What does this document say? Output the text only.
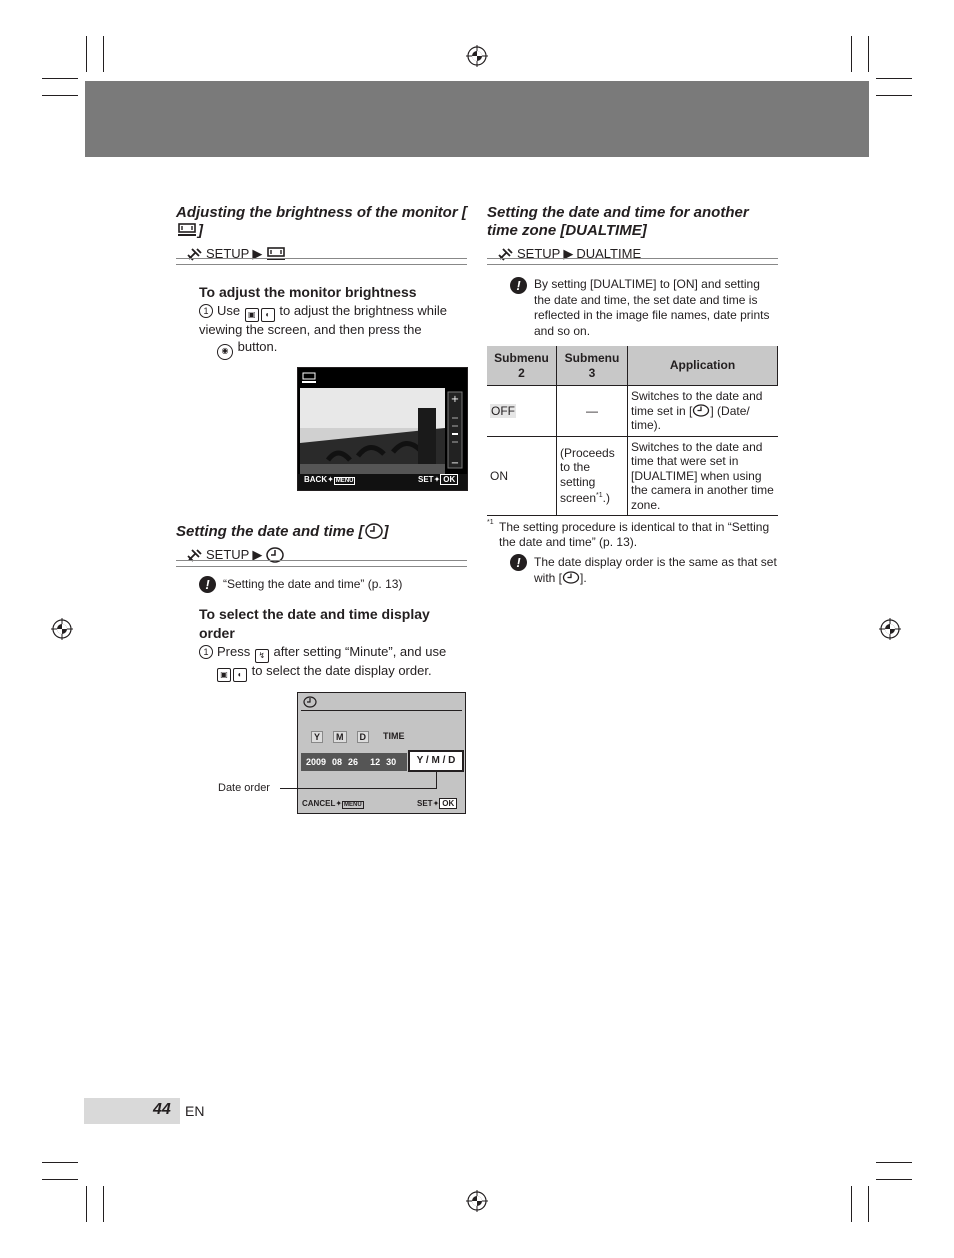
Adjusting the brightness of the monitor []
SETUP ▶
To adjust the monitor brightness
1 Use ▣ ◐ to adjust the brightness while viewing the screen, and then press the
◉ button.
+
−
BACK✦ MENU	SET✦ OK
Setting the date and time [ ]
SETUP ▶
!	“Setting the date and time” (p. 13)
To select the date and time display order
1 Press ↯ after setting “Minute”, and use
▣ ◐ to select the date display order.
Y	M	D	TIME
2009 08 26 12 30	Y / M / D
CANCEL✦ MENU	SET✦ OK
Date order
Setting the date and time for another time zone [DUALTIME]
SETUP ▶ DUALTIME
!	By setting [DUALTIME] to [ON] and setting the date and time, the set date and time is reflected in the image file names, date prints and so on.
Submenu 2	Submenu 3	Application
OFF	—	Switches to the date and time set in [ ] (Date/ time).
ON	(Proceeds to the setting screen$^{*1}$.)	Switches to the date and time that were set in [DUALTIME] when using the camera in another time zone.
*1 The setting procedure is identical to that in “Setting the date and time” (p. 13).
!	The date display order is the same as that set with [ ].
44 EN
